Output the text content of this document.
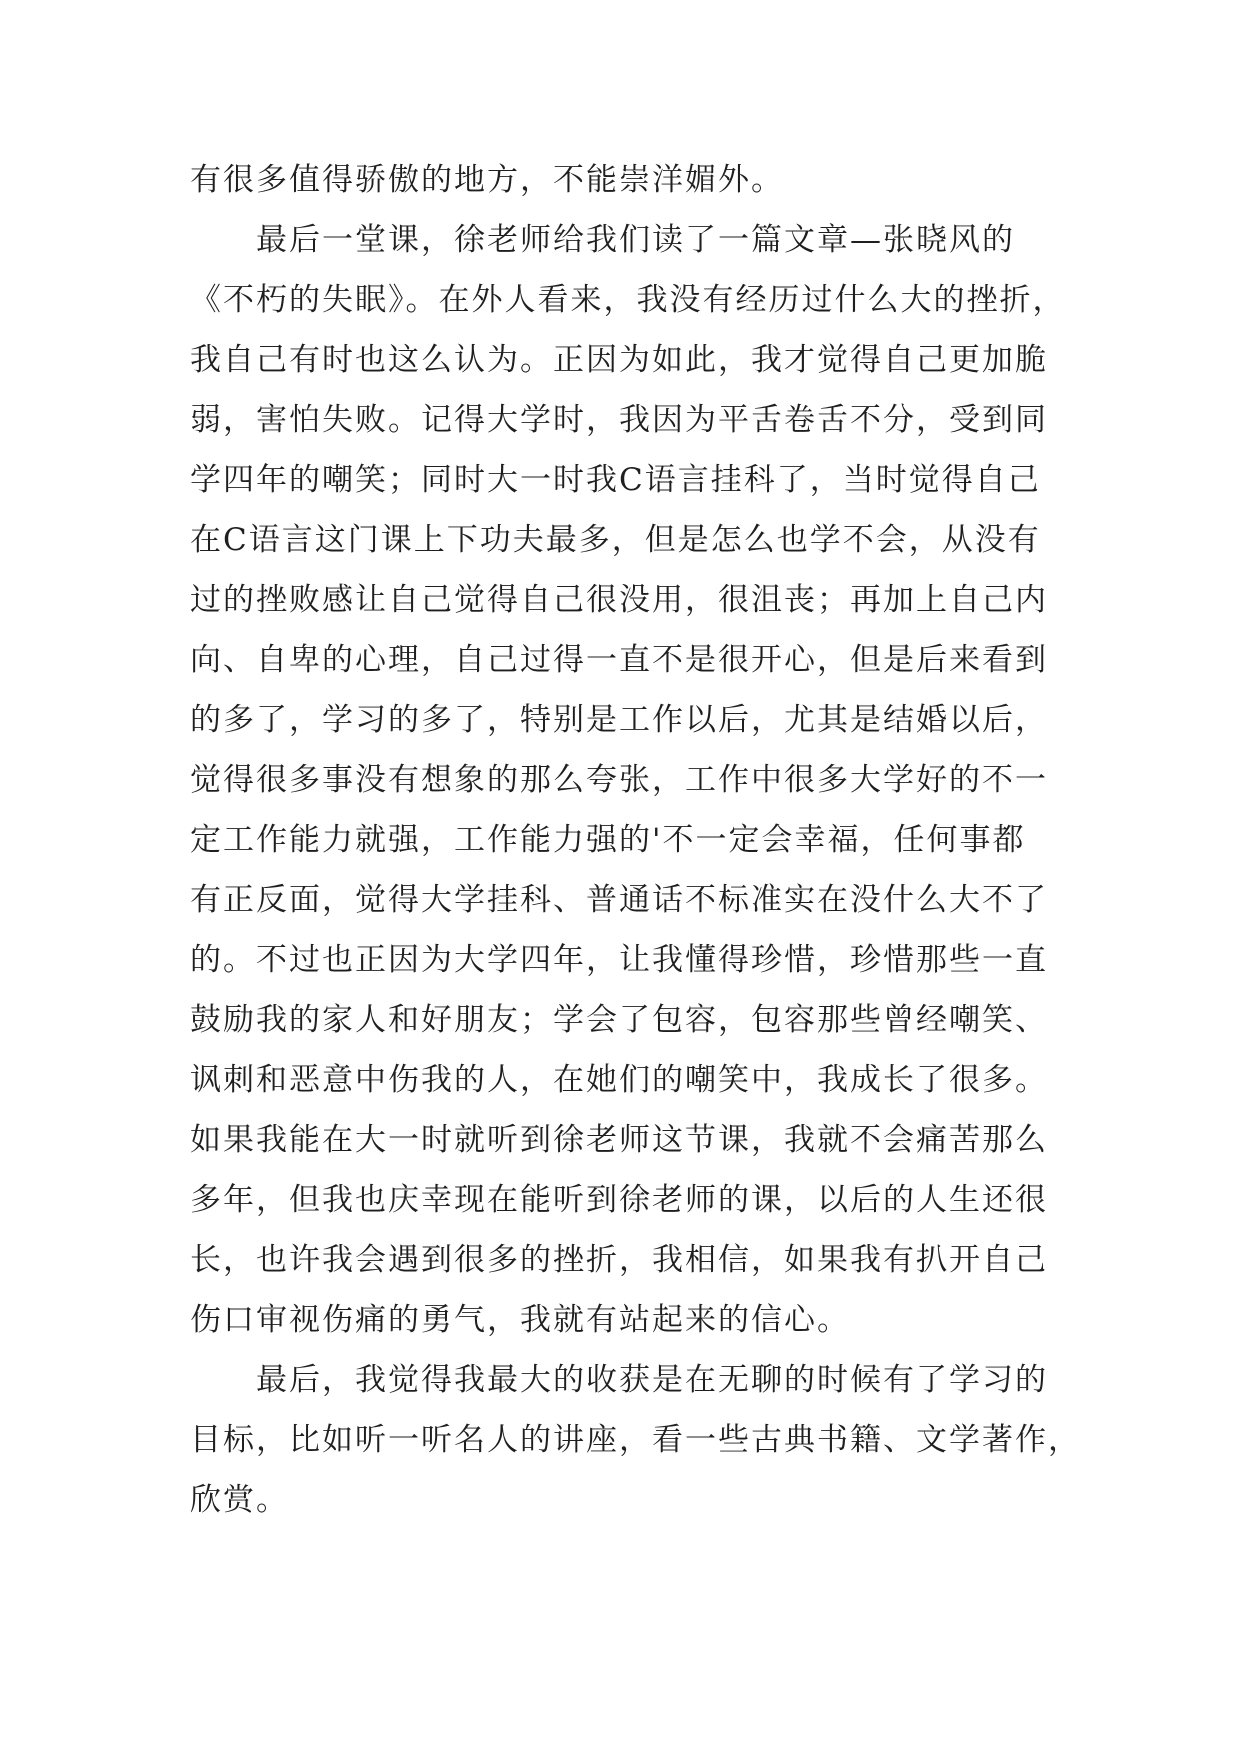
有很多值得骄傲的地方，不能崇洋媚外。
最后一堂课，徐老师给我们读了一篇文章—张晓风的
《不朽的失眠》。在外人看来，我没有经历过什么大的挫折，
我自己有时也这么认为。正因为如此，我才觉得自己更加脆
弱，害怕失败。记得大学时，我因为平舌卷舌不分，受到同
学四年的嘲笑；同时大一时我C语言挂科了，当时觉得自己
在C语言这门课上下功夫最多，但是怎么也学不会，从没有
过的挫败感让自己觉得自己很没用，很沮丧；再加上自己内
向、自卑的心理，自己过得一直不是很开心，但是后来看到
的多了，学习的多了，特别是工作以后，尤其是结婚以后，
觉得很多事没有想象的那么夸张，工作中很多大学好的不一
定工作能力就强，工作能力强的'不一定会幸福，任何事都
有正反面，觉得大学挂科、普通话不标准实在没什么大不了
的。不过也正因为大学四年，让我懂得珍惜，珍惜那些一直
鼓励我的家人和好朋友；学会了包容，包容那些曾经嘲笑、
讽刺和恶意中伤我的人，在她们的嘲笑中，我成长了很多。
如果我能在大一时就听到徐老师这节课，我就不会痛苦那么
多年，但我也庆幸现在能听到徐老师的课，以后的人生还很
长，也许我会遇到很多的挫折，我相信，如果我有扒开自己
伤口审视伤痛的勇气，我就有站起来的信心。
最后，我觉得我最大的收获是在无聊的时候有了学习的
目标，比如听一听名人的讲座，看一些古典书籍、文学著作，
欣赏。
